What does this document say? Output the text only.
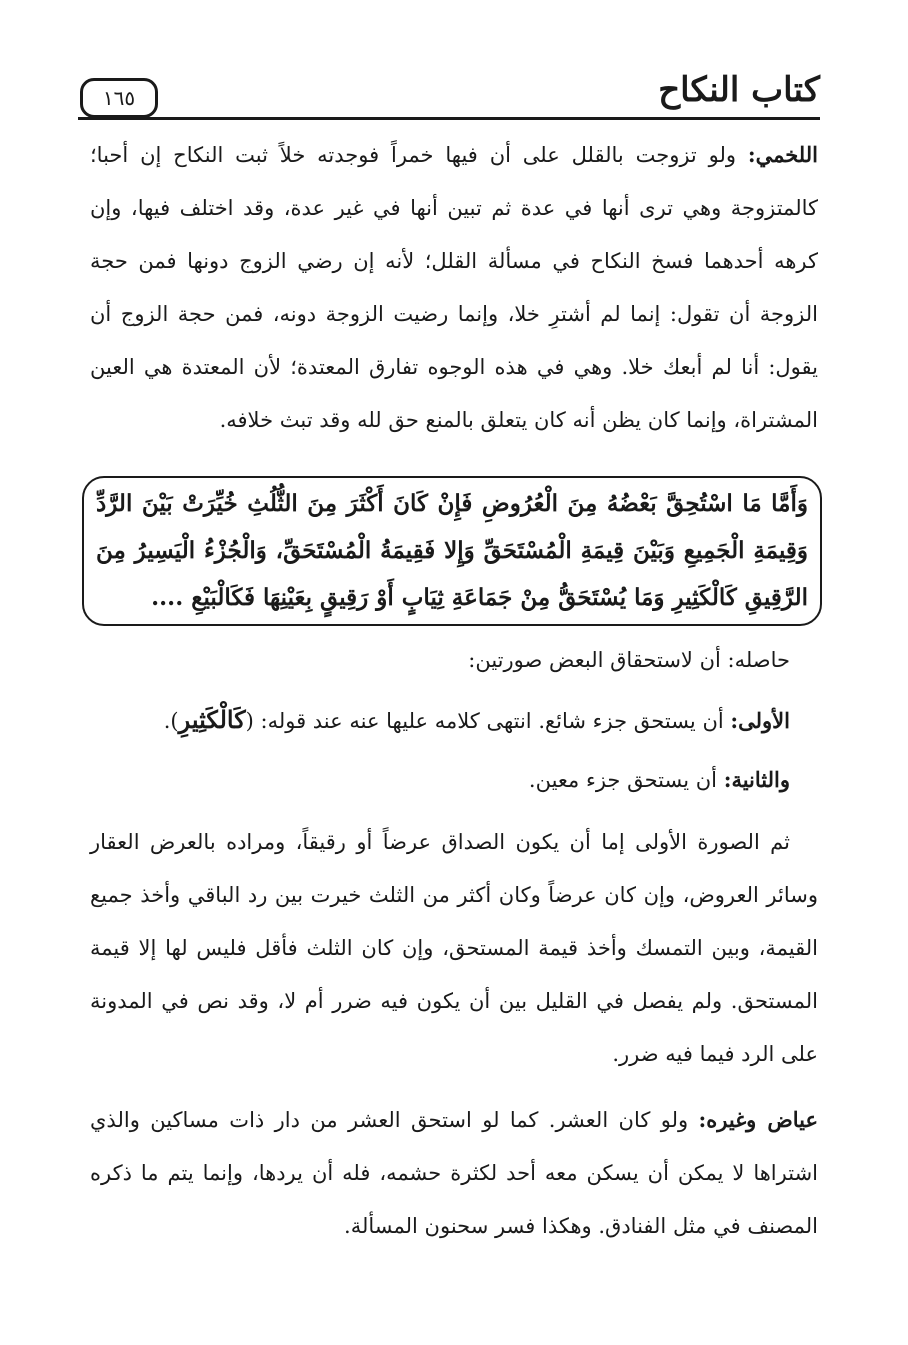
كتاب النكاح
١٦٥

اللخمي: ولو تزوجت بالقلل على أن فيها خمراً فوجدته خلاً ثبت النكاح إن أحبا؛ كالمتزوجة وهي ترى أنها في عدة ثم تبين أنها في غير عدة، وقد اختلف فيها، وإن كرهه أحدهما فسخ النكاح في مسألة القلل؛ لأنه إن رضي الزوج دونها فمن حجة الزوجة أن تقول: إنما لم أشترِ خلا، وإنما رضيت الزوجة دونه، فمن حجة الزوج أن يقول: أنا لم أبعك خلا. وهي في هذه الوجوه تفارق المعتدة؛ لأن المعتدة هي العين المشتراة، وإنما كان يظن أنه كان يتعلق بالمنع حق لله وقد تبث خلافه.

وَأَمَّا مَا اسْتُحِقَّ بَعْضُهُ مِنَ الْعُرُوضِ فَإِنْ كَانَ أَكْثَرَ مِنَ الثُّلُثِ خُيِّرَتْ بَيْنَ الرَّدِّ وَقِيمَةِ الْجَمِيعِ وَبَيْنَ قِيمَةِ الْمُسْتَحَقِّ وَإِلا فَقِيمَةُ الْمُسْتَحَقِّ، وَالْجُزْءُ الْيَسِيرُ مِنَ الرَّقِيقِ كَالْكَثِيرِ وَمَا يُسْتَحَقُّ مِنْ جَمَاعَةِ ثِيَابٍ أَوْ رَقِيقٍ بِعَيْنِهَا فَكَالْبَيْعِ ....

حاصله: أن لاستحقاق البعض صورتين:

الأولى: أن يستحق جزء شائع. انتهى كلامه عليها عنه عند قوله: (كَالْكَثِيرِ).

والثانية: أن يستحق جزء معين.

ثم الصورة الأولى إما أن يكون الصداق عرضاً أو رقيقاً، ومراده بالعرض العقار وسائر العروض، وإن كان عرضاً وكان أكثر من الثلث خيرت بين رد الباقي وأخذ جميع القيمة، وبين التمسك وأخذ قيمة المستحق، وإن كان الثلث فأقل فليس لها إلا قيمة المستحق. ولم يفصل في القليل بين أن يكون فيه ضرر أم لا، وقد نص في المدونة على الرد فيما فيه ضرر.

عياض وغيره: ولو كان العشر. كما لو استحق العشر من دار ذات مساكين والذي اشتراها لا يمكن أن يسكن معه أحد لكثرة حشمه، فله أن يردها، وإنما يتم ما ذكره المصنف في مثل الفنادق. وهكذا فسر سحنون المسألة.
